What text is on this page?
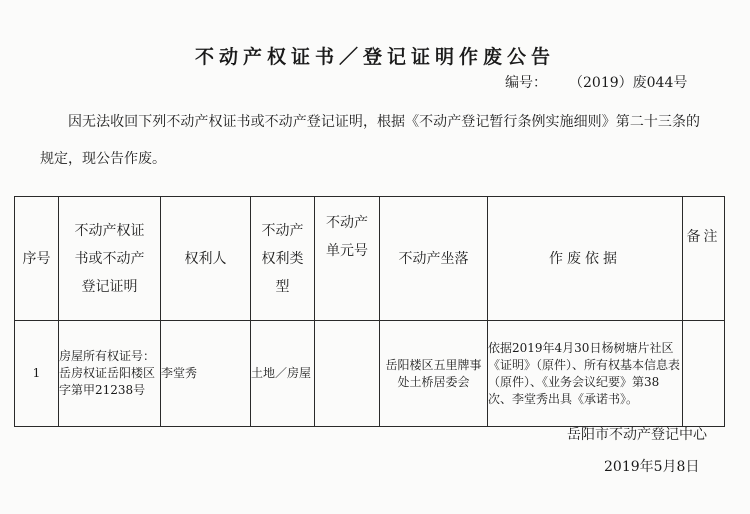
不动产权证书／登记证明作废公告
编号： （2019）废044号
因无法收回下列不动产权证书或不动产登记证明，根据《不动产登记暂行条例实施细则》第二十三条的规定，现公告作废。
序号	不动产权证书或不动产登记证明	权利人	不动产权利类型	不动产单元号	不动产坐落	作废依据	备注
1	房屋所有权证号：岳房权证岳阳楼区字第甲21238号	李堂秀	土地／房屋		岳阳楼区五里牌事处土桥居委会	依据2019年4月30日杨树塘片社区《证明》（原件）、所有权基本信息表（原件）、《业务会议纪要》第38次、李堂秀出具《承诺书》。	
岳阳市不动产登记中心
2019年5月8日
